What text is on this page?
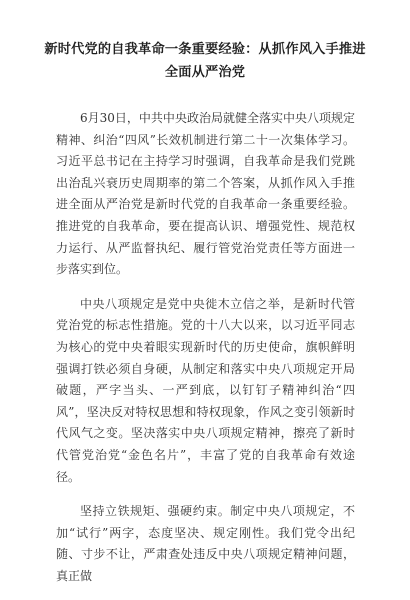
新时代党的自我革命一条重要经验：从抓作风入手推进全面从严治党

6月30日，中共中央政治局就健全落实中央八项规定精神、纠治“四风”长效机制进行第二十一次集体学习。习近平总书记在主持学习时强调，自我革命是我们党跳出治乱兴衰历史周期率的第二个答案，从抓作风入手推进全面从严治党是新时代党的自我革命一条重要经验。推进党的自我革命，要在提高认识、增强党性、规范权力运行、从严监督执纪、履行管党治党责任等方面进一步落实到位。

中央八项规定是党中央徙木立信之举，是新时代管党治党的标志性措施。党的十八大以来，以习近平同志为核心的党中央着眼实现新时代的历史使命，旗帜鲜明强调打铁必须自身硬，从制定和落实中央八项规定开局破题，严字当头、一严到底，以钉钉子精神纠治“四风”，坚决反对特权思想和特权现象，作风之变引领新时代风气之变。坚决落实中央八项规定精神，擦亮了新时代管党治党“金色名片”，丰富了党的自我革命有效途径。

坚持立铁规矩、强硬约束。制定中央八项规定，不加“试行”两字，态度坚决、规定刚性。我们党令出纪随、寸步不让，严肃查处违反中央八项规定精神问题，真正做
